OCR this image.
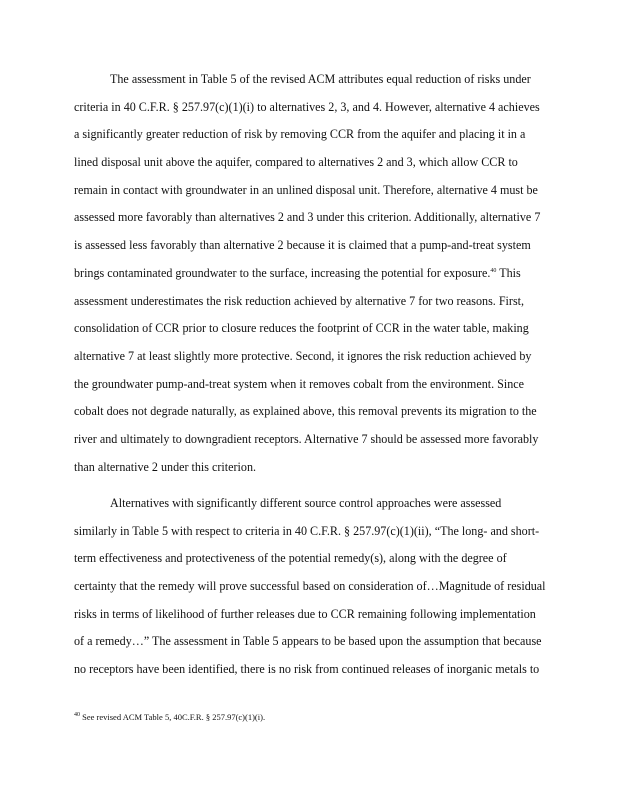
The assessment in Table 5 of the revised ACM attributes equal reduction of risks under
criteria in 40 C.F.R. § 257.97(c)(1)(i) to alternatives 2, 3, and 4. However, alternative 4 achieves
a significantly greater reduction of risk by removing CCR from the aquifer and placing it in a
lined disposal unit above the aquifer, compared to alternatives 2 and 3, which allow CCR to
remain in contact with groundwater in an unlined disposal unit. Therefore, alternative 4 must be
assessed more favorably than alternatives 2 and 3 under this criterion. Additionally, alternative 7
is assessed less favorably than alternative 2 because it is claimed that a pump-and-treat system
brings contaminated groundwater to the surface, increasing the potential for exposure.$^{40}$ This
assessment underestimates the risk reduction achieved by alternative 7 for two reasons. First,
consolidation of CCR prior to closure reduces the footprint of CCR in the water table, making
alternative 7 at least slightly more protective. Second, it ignores the risk reduction achieved by
the groundwater pump-and-treat system when it removes cobalt from the environment. Since
cobalt does not degrade naturally, as explained above, this removal prevents its migration to the
river and ultimately to downgradient receptors. Alternative 7 should be assessed more favorably
than alternative 2 under this criterion.

Alternatives with significantly different source control approaches were assessed
similarly in Table 5 with respect to criteria in 40 C.F.R. § 257.97(c)(1)(ii), “The long- and short-
term effectiveness and protectiveness of the potential remedy(s), along with the degree of
certainty that the remedy will prove successful based on consideration of…Magnitude of residual
risks in terms of likelihood of further releases due to CCR remaining following implementation
of a remedy…” The assessment in Table 5 appears to be based upon the assumption that because
no receptors have been identified, there is no risk from continued releases of inorganic metals to

$^{40}$ See revised ACM Table 5, 40C.F.R. § 257.97(c)(1)(i).
